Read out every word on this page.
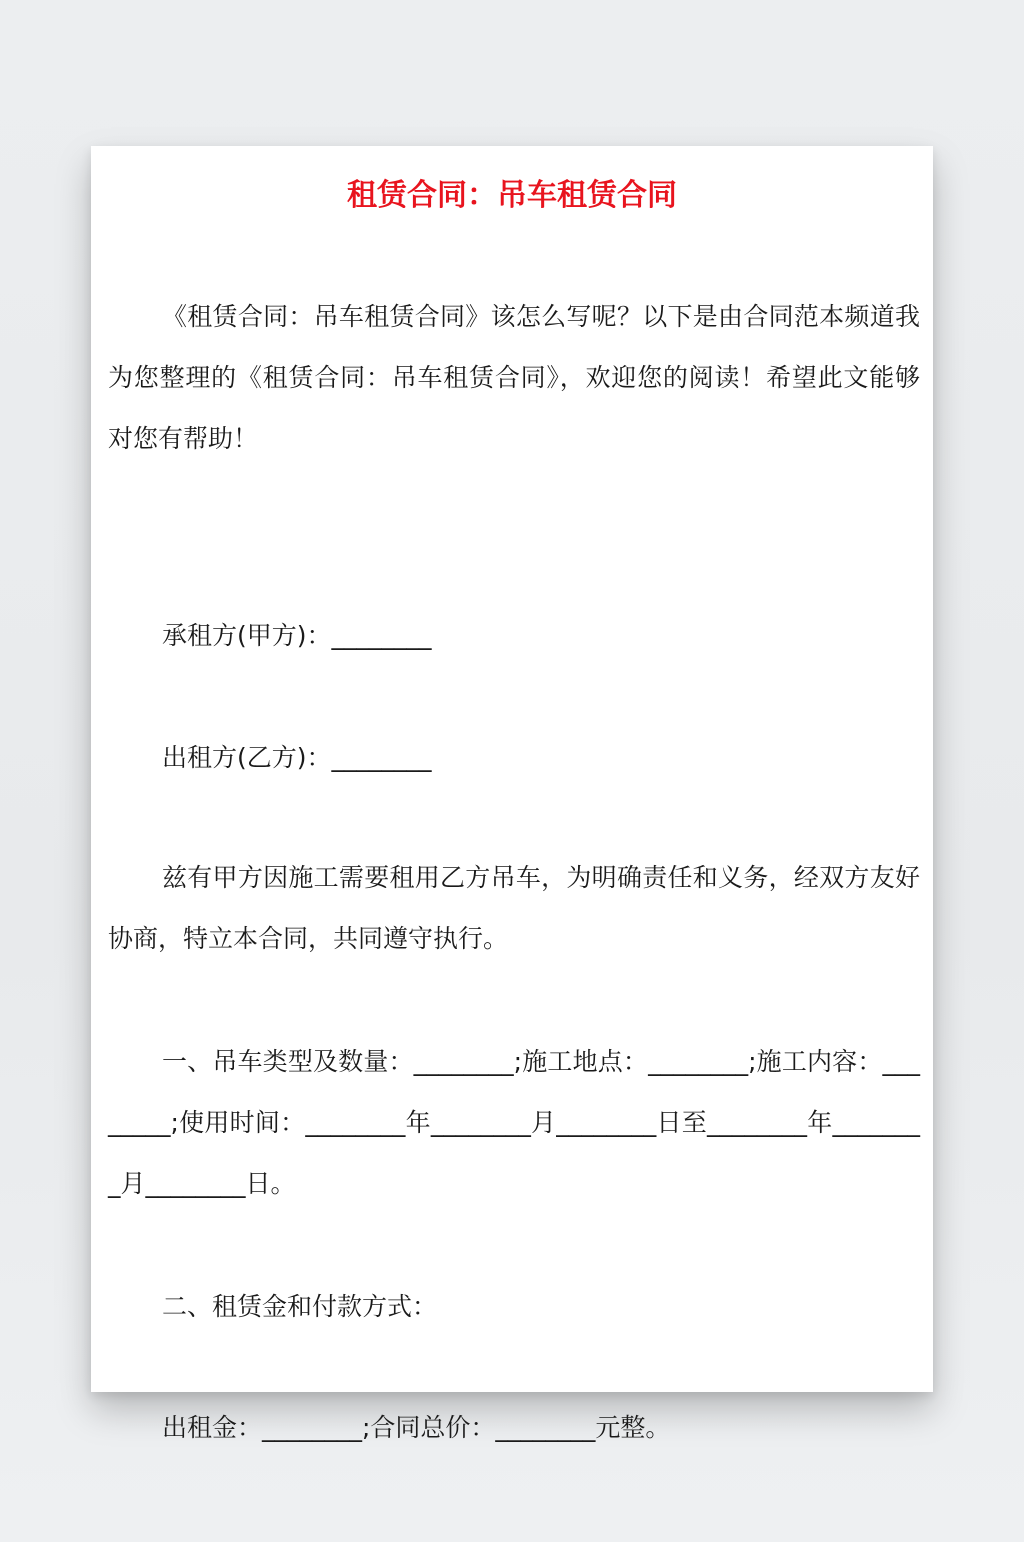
租赁合同：吊车租赁合同

《租赁合同：吊车租赁合同》该怎么写呢？以下是由合同范本频道我为您整理的《租赁合同：吊车租赁合同》，欢迎您的阅读！希望此文能够对您有帮助！

承租方(甲方)：________

出租方(乙方)：________

兹有甲方因施工需要租用乙方吊车，为明确责任和义务，经双方友好协商，特立本合同，共同遵守执行。

一、吊车类型及数量：________;施工地点：________;施工内容：________;使用时间：________年________月________日至________年________月________日。

二、租赁金和付款方式：

出租金：________;合同总价：________元整。
